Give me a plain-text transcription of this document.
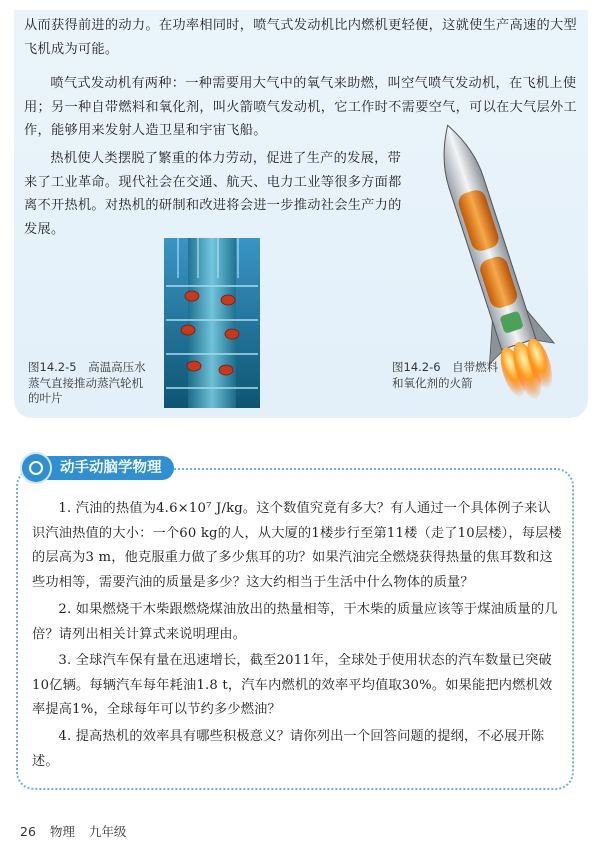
从而获得前进的动力。在功率相同时，喷气式发动机比内燃机更轻便，这就使生产高速的大型飞机成为可能。

喷气式发动机有两种：一种需要用大气中的氧气来助燃，叫空气喷气发动机，在飞机上使用；另一种自带燃料和氧化剂，叫火箭喷气发动机，它工作时不需要空气，可以在大气层外工作，能够用来发射人造卫星和宇宙飞船。

热机使人类摆脱了繁重的体力劳动，促进了生产的发展，带来了工业革命。现代社会在交通、航天、电力工业等很多方面都离不开热机。对热机的研制和改进将会进一步推动社会生产力的发展。

图14.2-5　高温高压水蒸气直接推动蒸汽轮机的叶片
图14.2-6　自带燃料和氧化剂的火箭
动手动脑学物理

1. 汽油的热值为4.6×10⁷ J/kg。这个数值究竟有多大？有人通过一个具体例子来认识汽油热值的大小：一个60 kg的人，从大厦的1楼步行至第11楼（走了10层楼），每层楼的层高为3 m，他克服重力做了多少焦耳的功？如果汽油完全燃烧获得热量的焦耳数和这些功相等，需要汽油的质量是多少？这大约相当于生活中什么物体的质量？

2. 如果燃烧干木柴跟燃烧煤油放出的热量相等，干木柴的质量应该等于煤油质量的几倍？请列出相关计算式来说明理由。

3. 全球汽车保有量在迅速增长，截至2011年，全球处于使用状态的汽车数量已突破10亿辆。每辆汽车每年耗油1.8 t，汽车内燃机的效率平均值取30%。如果能把内燃机效率提高1%，全球每年可以节约多少燃油？

4. 提高热机的效率具有哪些积极意义？请你列出一个回答问题的提纲，不必展开陈述。

26 物理 九年级
